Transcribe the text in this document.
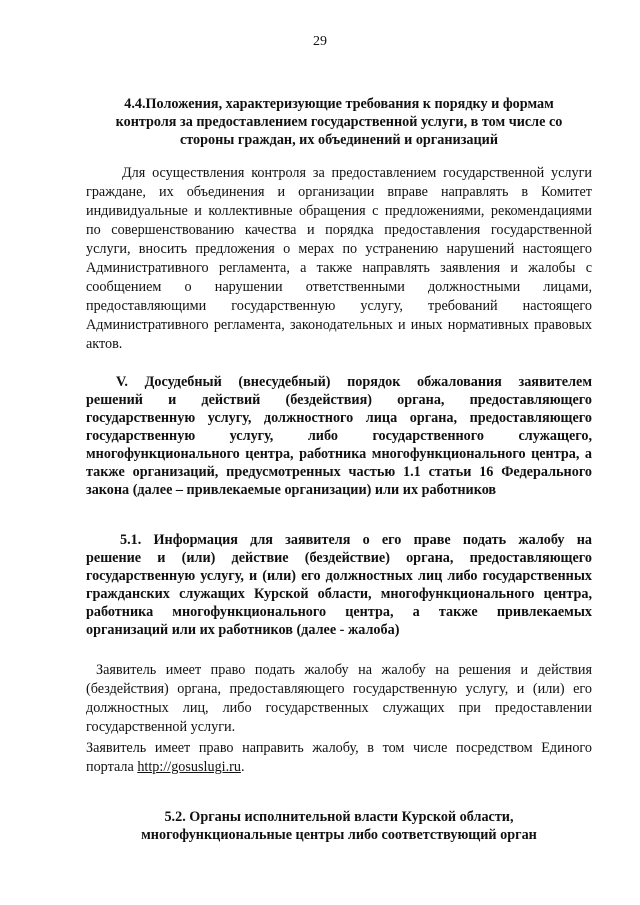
29
4.4.Положения, характеризующие требования к порядку и формам
контроля за предоставлением государственной услуги, в том числе со
стороны граждан, их объединений и организаций
Для осуществления контроля за предоставлением государственной услуги
граждане, их объединения и организации вправе направлять в Комитет
индивидуальные и коллективные обращения с предложениями, рекомендациями
по совершенствованию качества и порядка предоставления государственной
услуги, вносить предложения о мерах по устранению нарушений настоящего
Административного регламента, а также направлять заявления и жалобы с
сообщением о нарушении ответственными должностными лицами,
предоставляющими государственную услугу, требований настоящего
Административного регламента, законодательных и иных нормативных правовых
актов.
V. Досудебный (внесудебный) порядок обжалования заявителем
решений и действий (бездействия) органа, предоставляющего
государственную услугу, должностного лица органа, предоставляющего
государственную услугу, либо государственного служащего,
многофункционального центра, работника многофункционального центра, а
также организаций, предусмотренных частью 1.1 статьи 16 Федерального
закона (далее – привлекаемые организации) или их работников
5.1. Информация для заявителя о его праве подать жалобу на
решение и (или) действие (бездействие) органа, предоставляющего
государственную услугу, и (или) его должностных лиц либо государственных
гражданских служащих Курской области, многофункционального центра,
работника многофункционального центра, а также привлекаемых
организаций или их работников (далее - жалоба)
Заявитель имеет право подать жалобу на жалобу на решения и действия
(бездействия) органа, предоставляющего государственную услугу, и (или) его
должностных лиц, либо государственных служащих при предоставлении
государственной услуги.
Заявитель имеет право направить жалобу, в том числе посредством Единого
портала http://gosuslugi.ru.
5.2. Органы исполнительной власти Курской области,
многофункциональные центры либо соответствующий орган
